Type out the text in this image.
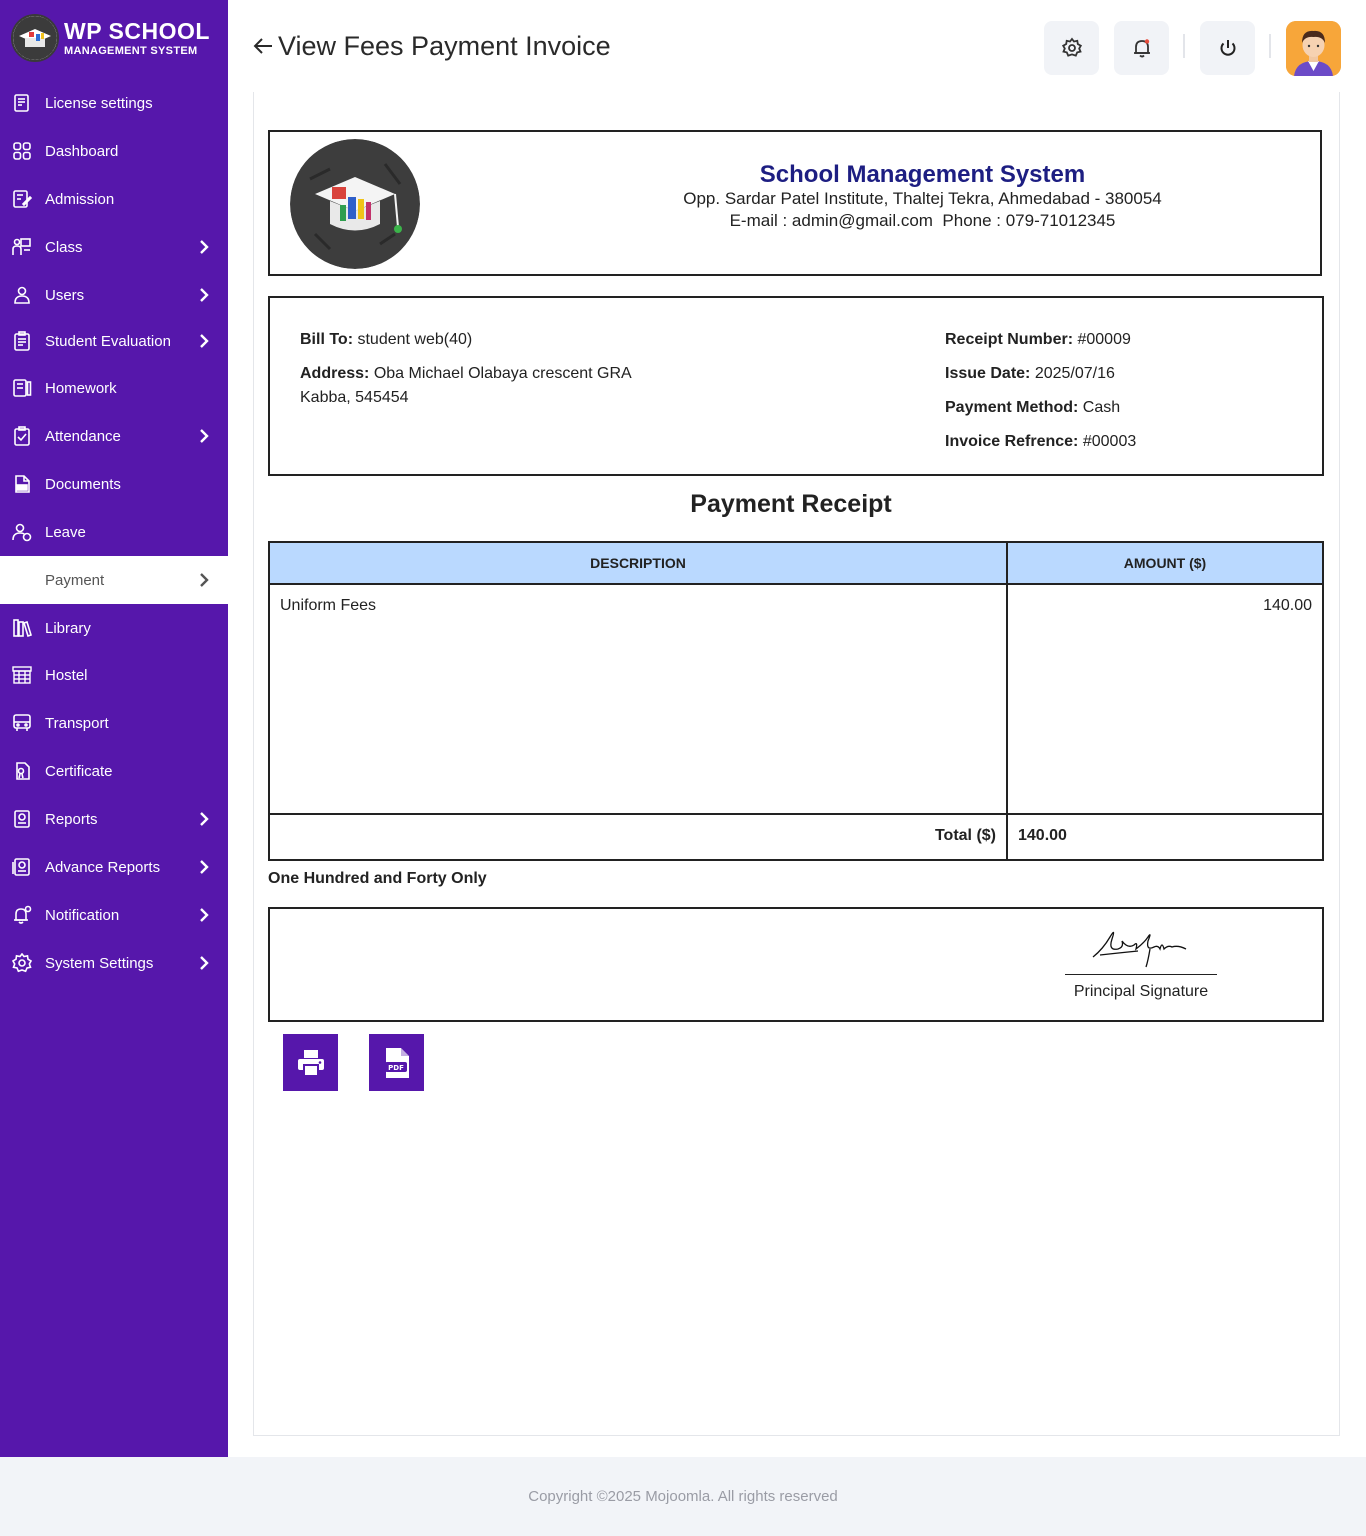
WP SCHOOL
MANAGEMENT SYSTEM
License settings
Dashboard
Admission
Class
Users
Student Evaluation
Homework
Attendance
Documents
Leave
Payment
Library
Hostel
Transport
Certificate
Reports
Advance Reports
Notification
System Settings
View Fees Payment Invoice
School Management System
Opp. Sardar Patel Institute, Thaltej Tekra, Ahmedabad - 380054
E-mail : admin@gmail.com  Phone : 079-71012345
Bill To: student web(40)
Address: Oba Michael Olabaya crescent GRA
Kabba, 545454
Receipt Number: #00009
Issue Date: 2025/07/16
Payment Method: Cash
Invoice Refrence: #00003
Payment Receipt
DESCRIPTION	AMOUNT ($)
Uniform Fees	140.00
Total ($) 140.00
One Hundred and Forty Only
Principal Signature
PDF
Copyright ©2025 Mojoomla. All rights reserved
